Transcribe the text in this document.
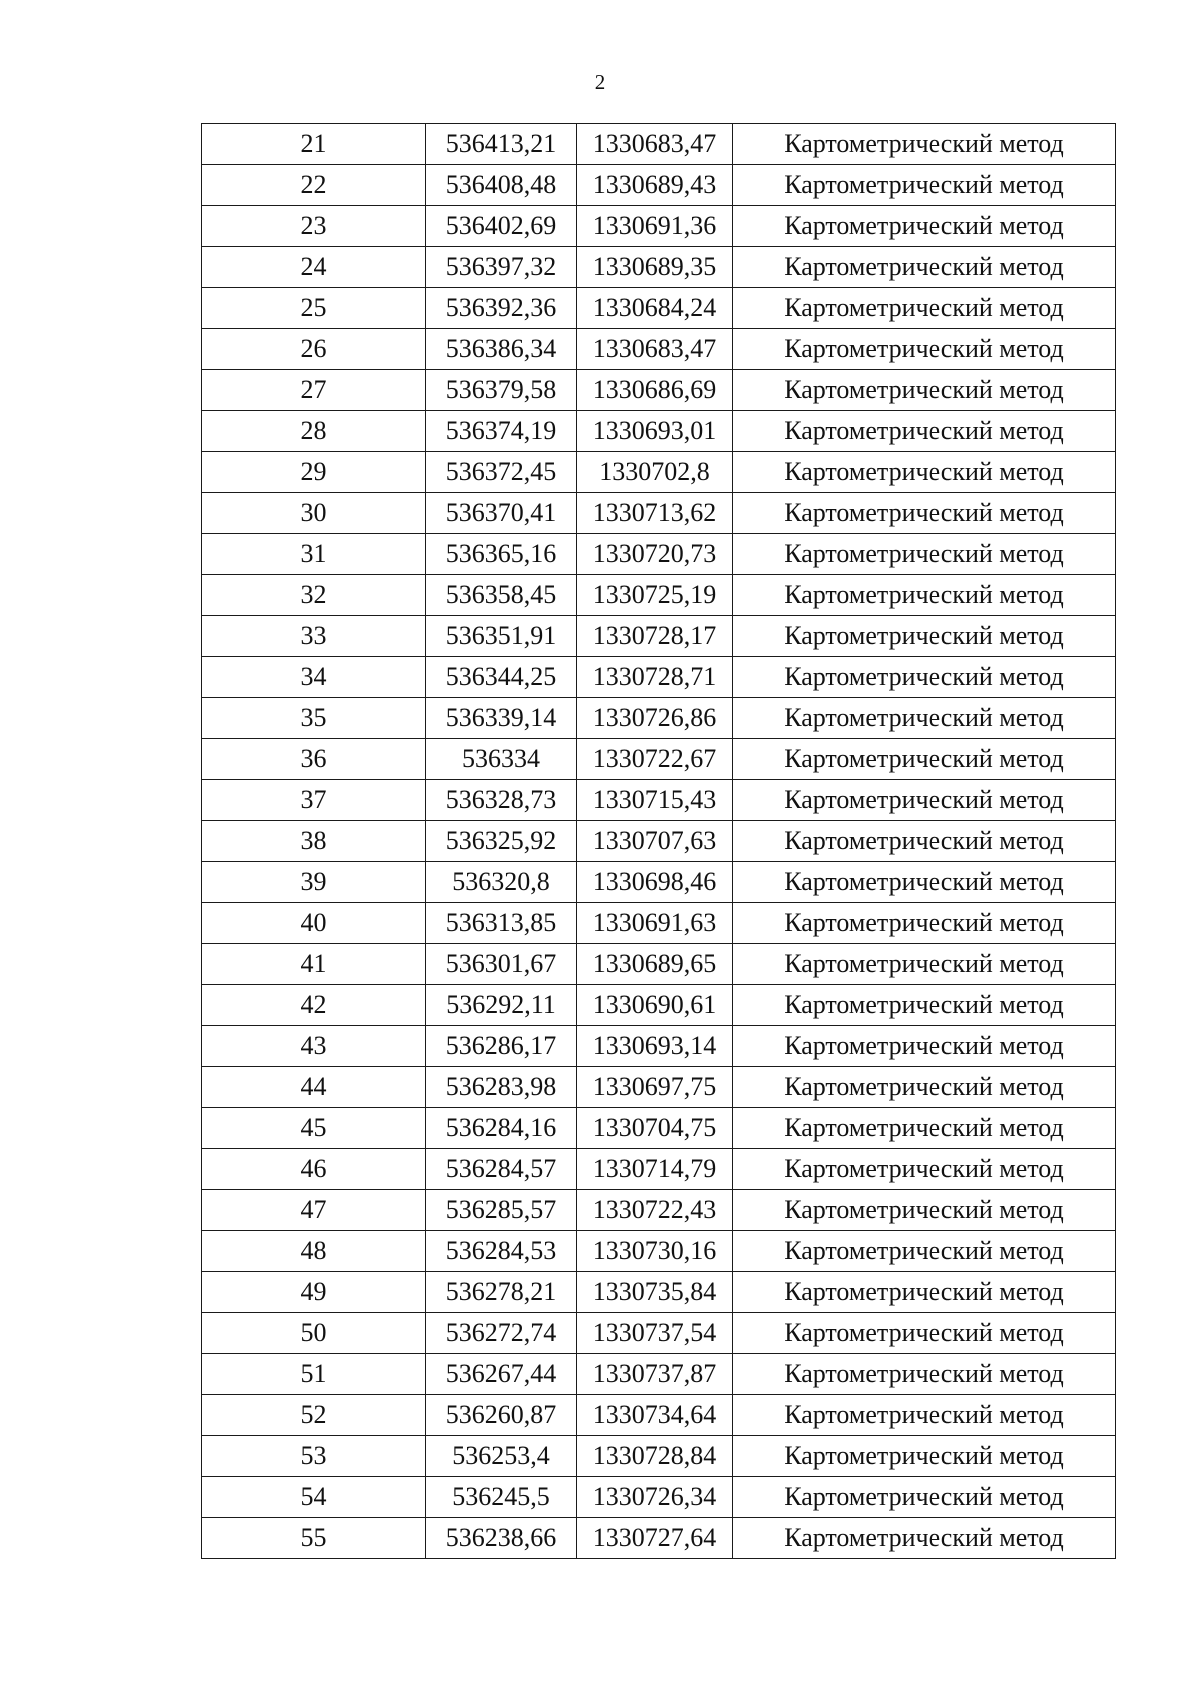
2
21	536413,21	1330683,47	Картометрический метод
22	536408,48	1330689,43	Картометрический метод
23	536402,69	1330691,36	Картометрический метод
24	536397,32	1330689,35	Картометрический метод
25	536392,36	1330684,24	Картометрический метод
26	536386,34	1330683,47	Картометрический метод
27	536379,58	1330686,69	Картометрический метод
28	536374,19	1330693,01	Картометрический метод
29	536372,45	1330702,8	Картометрический метод
30	536370,41	1330713,62	Картометрический метод
31	536365,16	1330720,73	Картометрический метод
32	536358,45	1330725,19	Картометрический метод
33	536351,91	1330728,17	Картометрический метод
34	536344,25	1330728,71	Картометрический метод
35	536339,14	1330726,86	Картометрический метод
36	536334	1330722,67	Картометрический метод
37	536328,73	1330715,43	Картометрический метод
38	536325,92	1330707,63	Картометрический метод
39	536320,8	1330698,46	Картометрический метод
40	536313,85	1330691,63	Картометрический метод
41	536301,67	1330689,65	Картометрический метод
42	536292,11	1330690,61	Картометрический метод
43	536286,17	1330693,14	Картометрический метод
44	536283,98	1330697,75	Картометрический метод
45	536284,16	1330704,75	Картометрический метод
46	536284,57	1330714,79	Картометрический метод
47	536285,57	1330722,43	Картометрический метод
48	536284,53	1330730,16	Картометрический метод
49	536278,21	1330735,84	Картометрический метод
50	536272,74	1330737,54	Картометрический метод
51	536267,44	1330737,87	Картометрический метод
52	536260,87	1330734,64	Картометрический метод
53	536253,4	1330728,84	Картометрический метод
54	536245,5	1330726,34	Картометрический метод
55	536238,66	1330727,64	Картометрический метод
